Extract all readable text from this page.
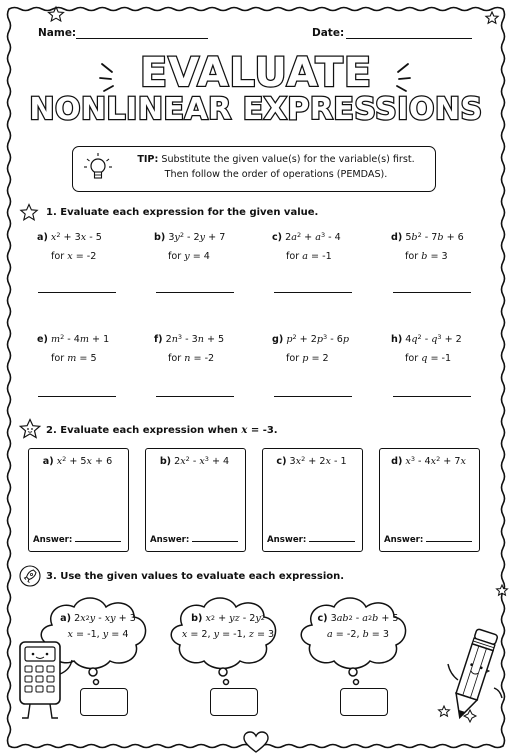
Name:	Date:
EVALUATE
NONLINEAR EXPRESSIONS
TIP: Substitute the given value(s) for the variable(s) first.
Then follow the order of operations (PEMDAS).
1. Evaluate each expression for the given value.
a) $x^2 + 3x - 5$
for x = -2
b) $3y^2 - 2y + 7$
for y = 4
c) $2a^2 + a^3 - 4$
for a = -1
d) $5b^2 - 7b + 6$
for b = 3
e) $m^2 - 4m + 1$
for m = 5
f) $2n^3 - 3n + 5$
for n = -2
g) $p^2 + 2p^3 - 6p$
for p = 2
h) $4q^2 - q^3 + 2$
for q = -1
2. Evaluate each expression when x = -3.
a) $x^2 + 5x + 6$
Answer:
b) $2x^2 - x^3 + 4$
Answer:
c) $3x^2 + 2x - 1$
Answer:
d) $x^3 - 4x^2 + 7x$
Answer:
3. Use the given values to evaluate each expression.
a) $2x^2y$ - xy + 3
x = -1, y = 4
b) $x^2$ + yz - $2y^2$
x = 2, y = -1, z = 3
c) $3ab^2 - a^2b + 5$
a = -2, b = 3
